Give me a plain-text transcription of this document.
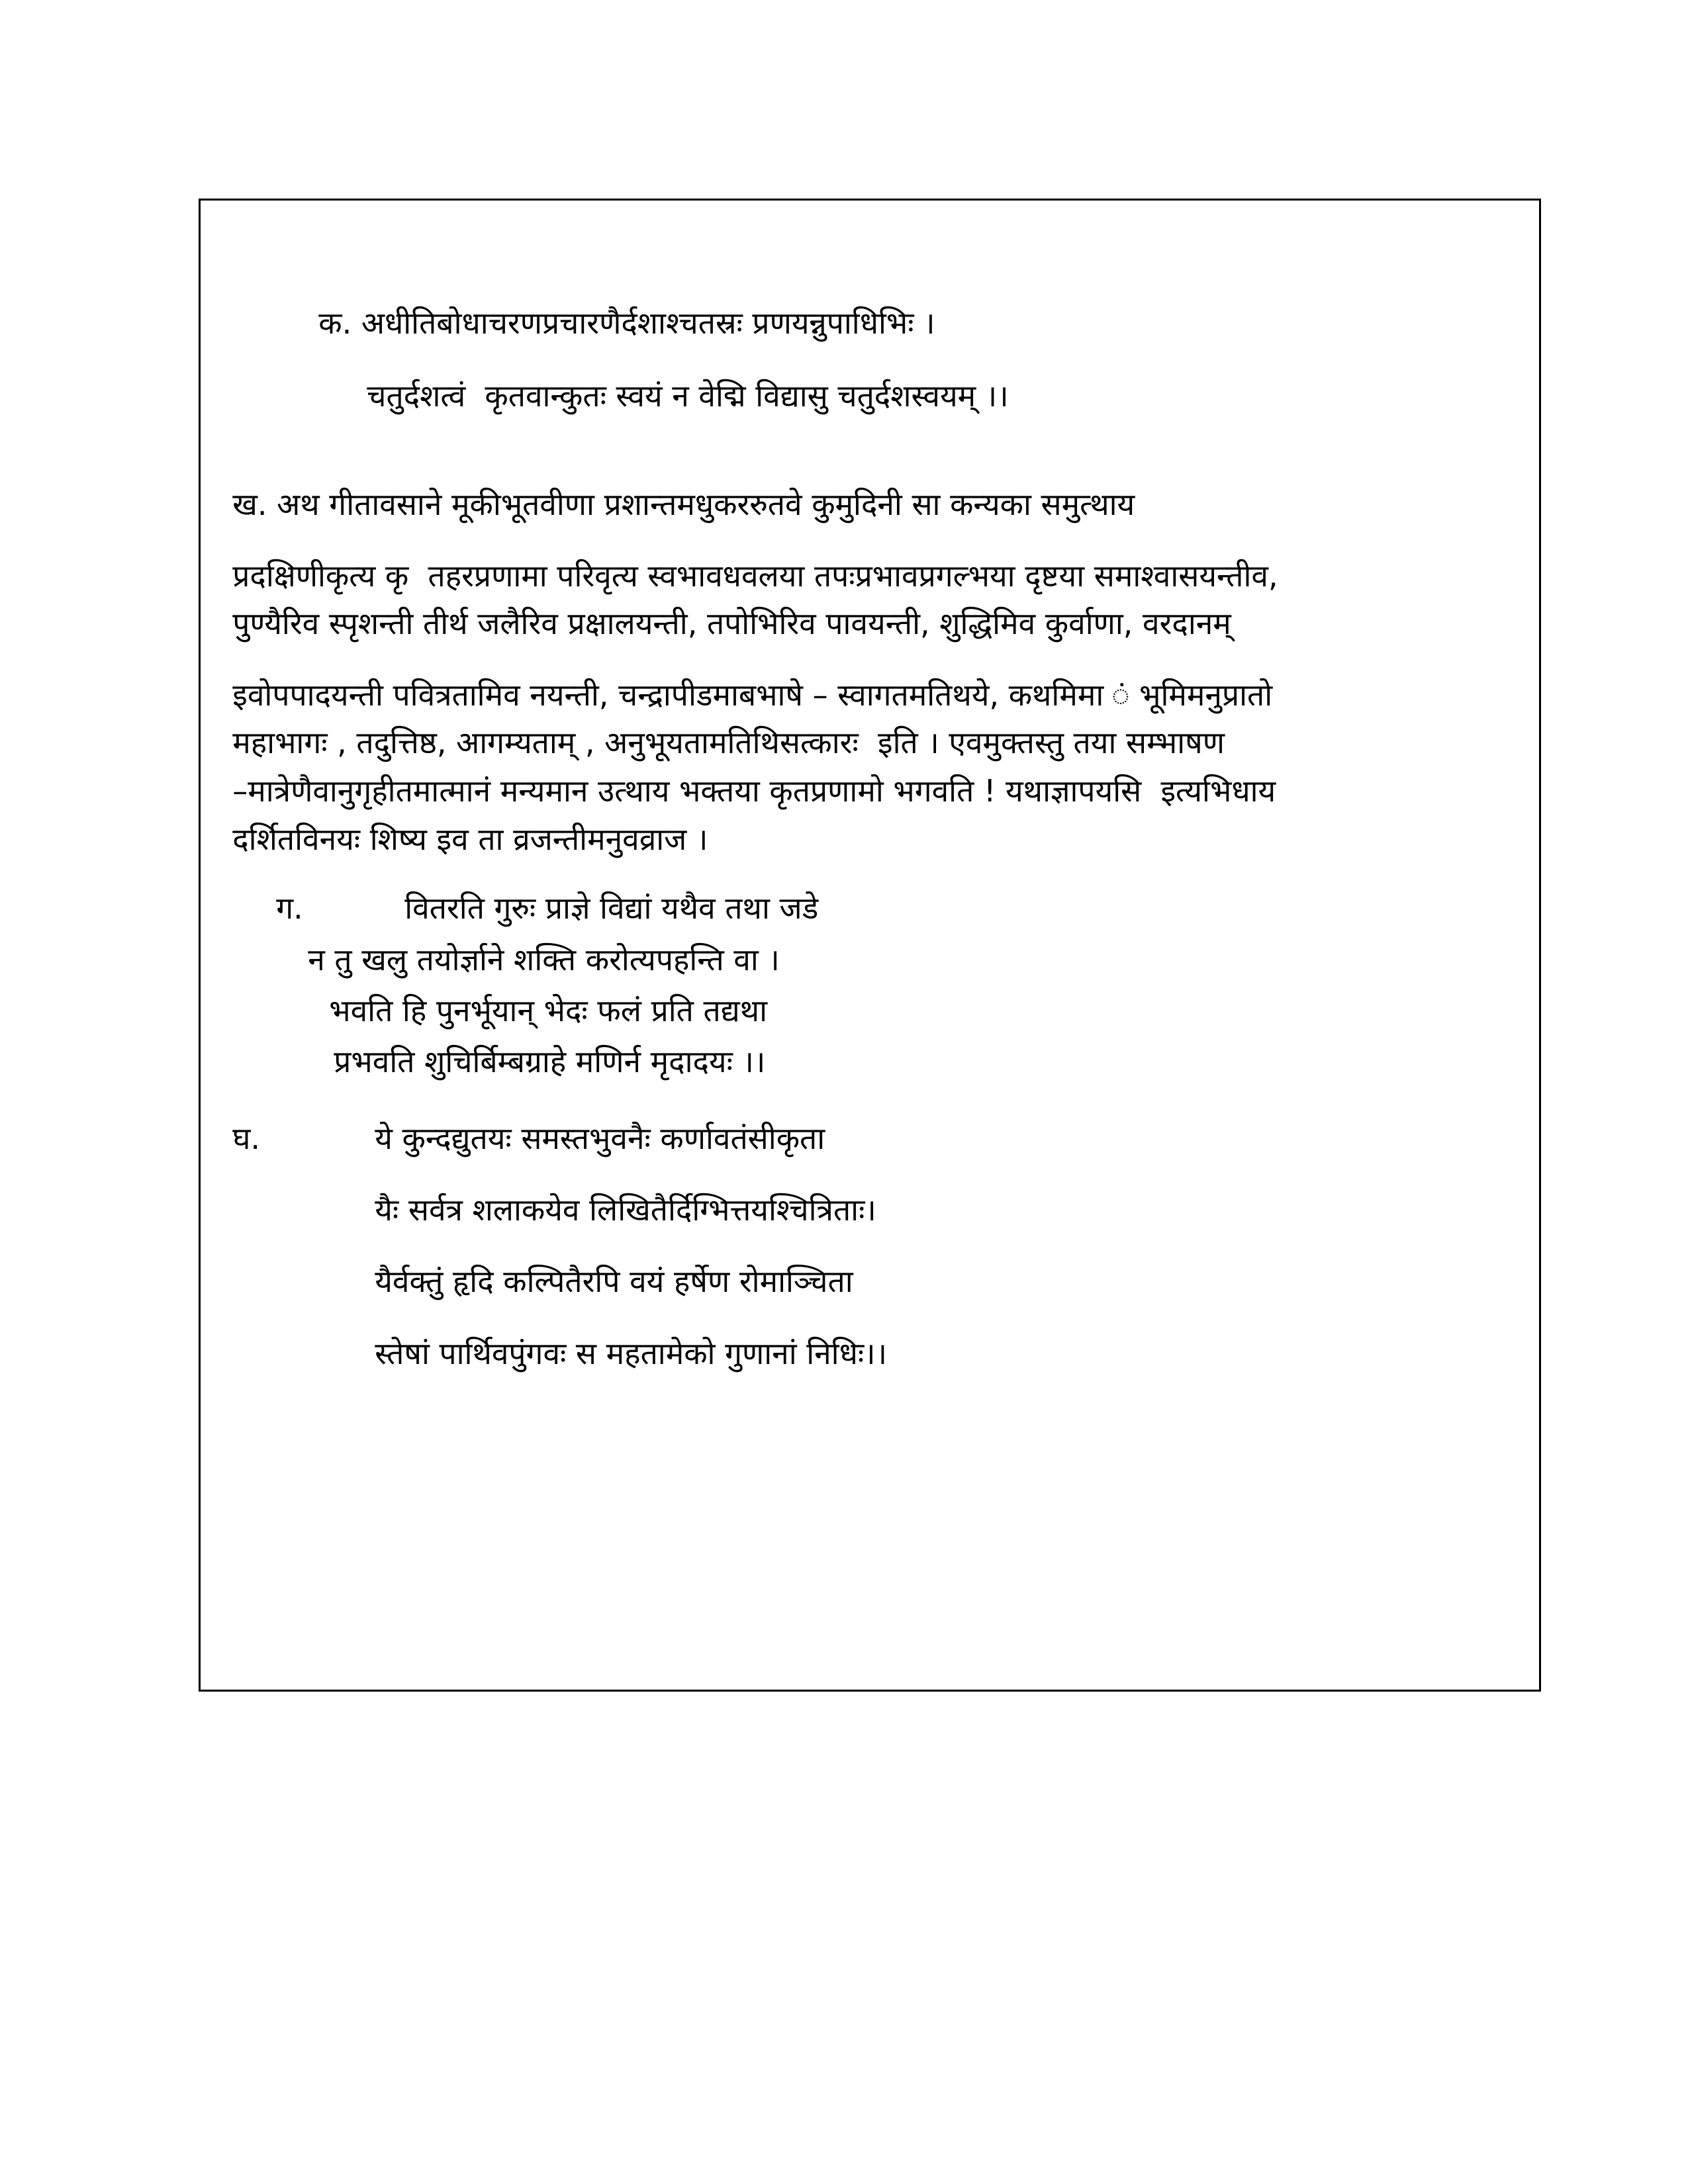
क. अधीतिबोधाचरणप्रचारणैर्दशाश्चतस्रः प्रणयन्नुपाधिभिः ।

चतुर्दशत्वं  कृतवान्कुतः स्वयं न वेद्मि विद्यासु चतुर्दशस्वयम् ।।

ख. अथ गीतावसाने मूकीभूतवीणा प्रशान्तमधुकररुतवे कुमुदिनी सा कन्यका समुत्थाय

प्रदक्षिणीकृत्य कृ  तहरप्रणामा परिवृत्य स्वभावधवलया तपःप्रभावप्रगल्भया दृष्टया समाश्वासयन्तीव,

पुण्यैरिव स्पृशन्ती तीर्थ जलैरिव प्रक्षालयन्ती, तपोभिरिव पावयन्ती, शुद्धिमिव कुर्वाणा, वरदानम्

इवोपपादयन्ती पवित्रतामिव नयन्ती, चन्द्रापीडमाबभाषे – स्वागतमतिथये, कथमिमा ं भूमिमनुप्रातो

महाभागः , तदुत्तिष्ठ, आगम्यताम् , अनुभूयतामतिथिसत्कारः  इति । एवमुक्तस्तु तया सम्भाषण

–मात्रेणैवानुगृहीतमात्मानं मन्यमान उत्थाय भक्तया कृतप्रणामो भगवति ! यथाज्ञापयसि  इत्यभिधाय

दर्शितविनयः शिष्य इव ता व्रजन्तीमनुवव्राज ।

ग.	वितरति गुरुः प्राज्ञे विद्यां यथैव तथा जडे

न तु खलु तयोर्ज्ञाने शक्ति करोत्यपहन्ति वा ।

भवति हि पुनर्भूयान् भेदः फलं प्रति तद्यथा

प्रभवति शुचिर्बिम्बग्राहे मणिर्न मृदादयः ।।

घ.	ये कुन्दद्युतयः समस्तभुवनैः कर्णावतंसीकृता

यैः सर्वत्र शलाकयेव लिखितैर्दिग्भित्तयश्चित्रिताः।

यैर्वक्तुं हृदि कल्पितैरपि वयं हर्षेण रोमाञ्चिता

स्तेषां पार्थिवपुंगवः स महतामेको गुणानां निधिः।।
